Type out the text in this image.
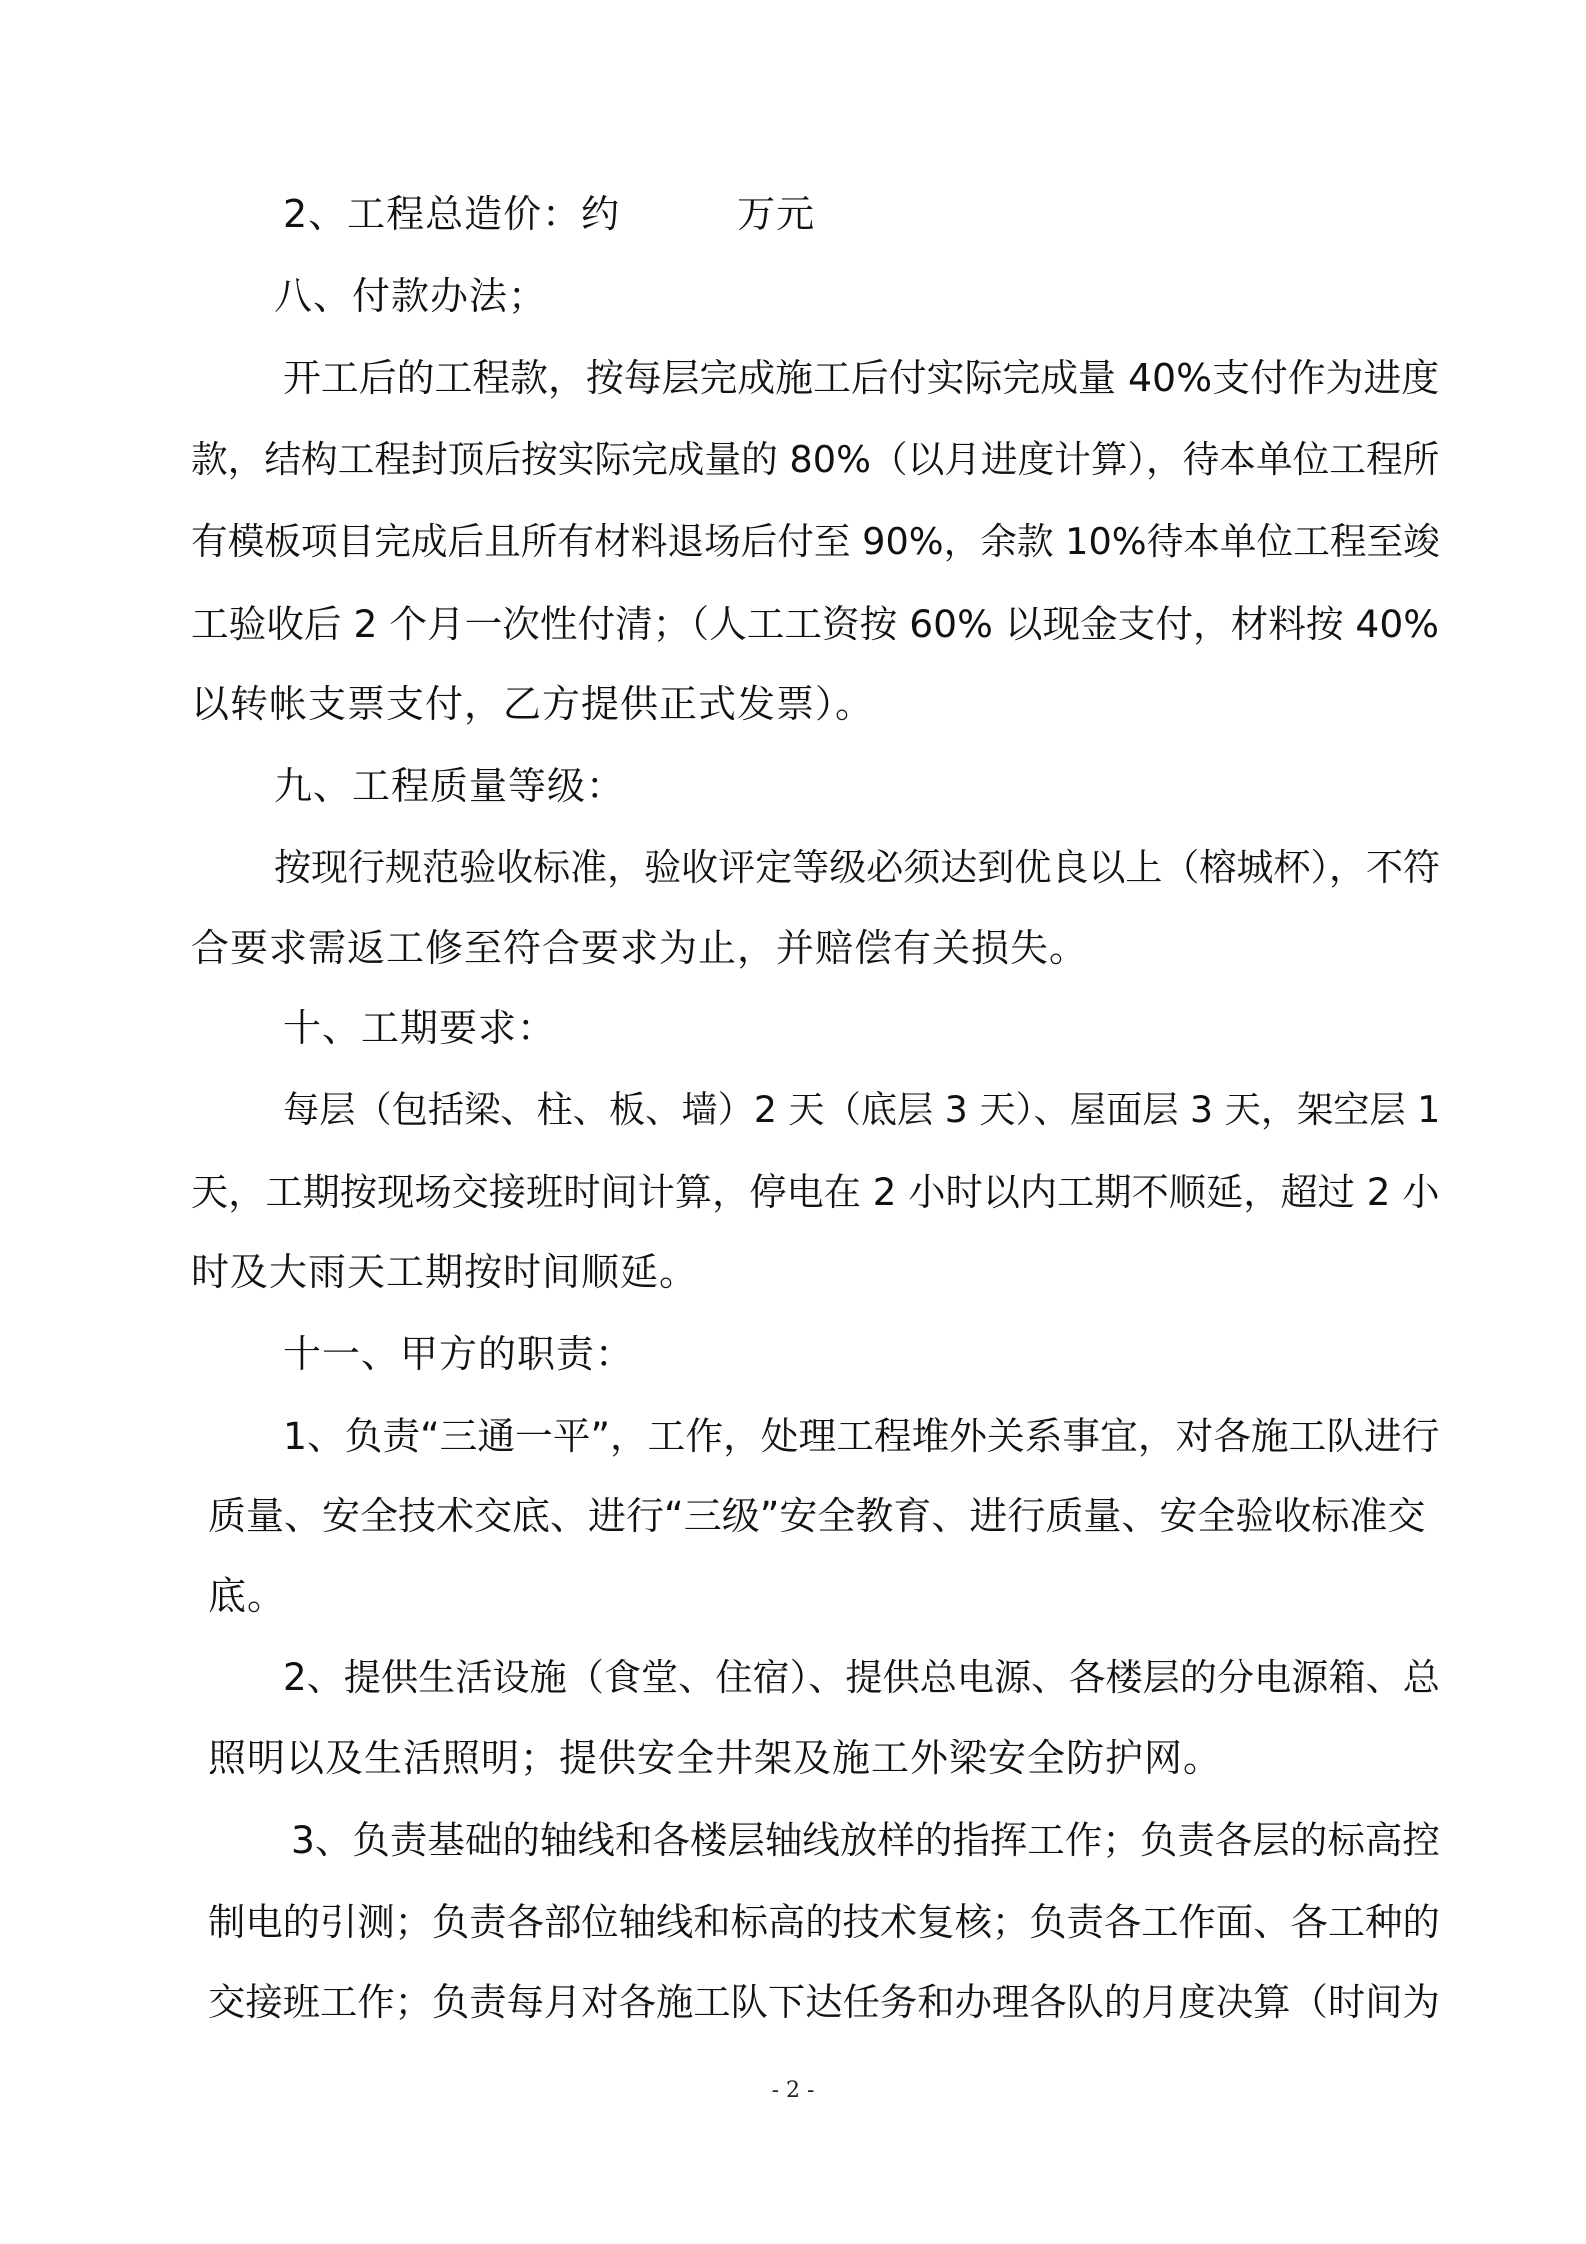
2、工程总造价：约　　　万元
八、付款办法；
开工后的工程款，按每层完成施工后付实际完成量 40%支付作为进度
款，结构工程封顶后按实际完成量的 80%（以月进度计算），待本单位工程所
有模板项目完成后且所有材料退场后付至 90%，余款 10%待本单位工程至竣
工验收后 2 个月一次性付清；（人工工资按 60% 以现金支付，材料按 40%
以转帐支票支付，乙方提供正式发票）。
九、工程质量等级：
按现行规范验收标准，验收评定等级必须达到优良以上（榕城杯），不符
合要求需返工修至符合要求为止，并赔偿有关损失。
十、工期要求：
每层（包括梁、柱、板、墙）2 天（底层 3 天）、屋面层 3 天，架空层 1
天，工期按现场交接班时间计算，停电在 2 小时以内工期不顺延，超过 2 小
时及大雨天工期按时间顺延。
十一、甲方的职责：
1、负责“三通一平”，工作，处理工程堆外关系事宜，对各施工队进行
质量、安全技术交底、进行“三级”安全教育、进行质量、安全验收标准交
底。
2、提供生活设施（食堂、住宿）、提供总电源、各楼层的分电源箱、总
照明以及生活照明；提供安全井架及施工外梁安全防护网。
3、负责基础的轴线和各楼层轴线放样的指挥工作；负责各层的标高控
制电的引测；负责各部位轴线和标高的技术复核；负责各工作面、各工种的
交接班工作；负责每月对各施工队下达任务和办理各队的月度决算（时间为
- 2 -
